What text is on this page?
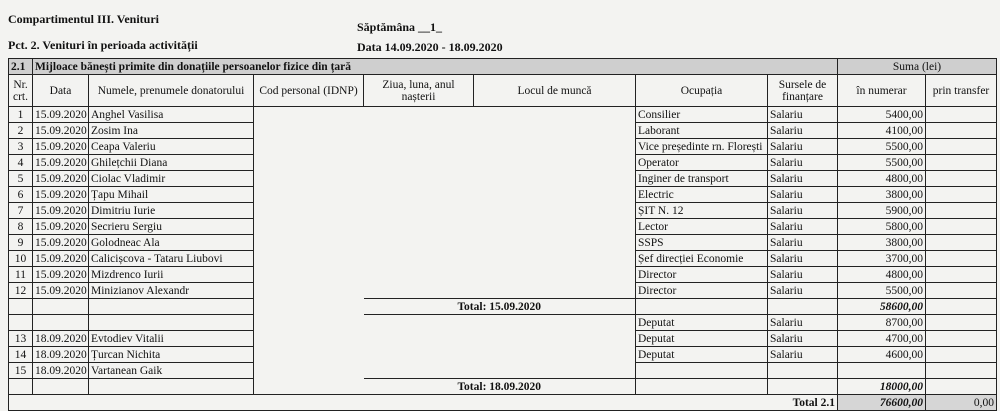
Compartimentul III. Venituri
Pct. 2. Venituri în perioada activității
Săptămâna __1_
Data 14.09.2020 - 18.09.2020
2.1	Mijloace bănești primite din donațiile persoanelor fizice din țară							Suma (lei)	
Nr. crt.	Data	Numele, prenumele donatorului	Cod personal (IDNP)	Ziua, luna, anul nașterii	Locul de muncă	Ocupația	Sursele de finanțare	în numerar	prin transfer
1	15.09.2020	Anghel Vasilisa				Consilier	Salariu	5400,00	
2	15.09.2020	Zosim Ina				Laborant	Salariu	4100,00	
3	15.09.2020	Ceapa Valeriu				Vice președinte rn. Florești	Salariu	5500,00	
4	15.09.2020	Ghilețchii Diana				Operator	Salariu	5500,00	
5	15.09.2020	Ciolac Vladimir				Inginer de transport	Salariu	4800,00	
6	15.09.2020	Țapu Mihail				Electric	Salariu	3800,00	
7	15.09.2020	Dimitriu Iurie				ȘIT N. 12	Salariu	5900,00	
8	15.09.2020	Secrieru Sergiu				Lector	Salariu	5800,00	
9	15.09.2020	Golodneac Ala				SSPS	Salariu	3800,00	
10	15.09.2020	Calicișcova - Tataru Liubovi				Șef direcției Economie	Salariu	3700,00	
11	15.09.2020	Mizdrenco Iurii				Director	Salariu	4800,00	
12	15.09.2020	Minizianov Alexandr				Director	Salariu	5500,00	
				Total: 15.09.2020				58600,00	
						Deputat	Salariu	8700,00	
13	18.09.2020	Evtodiev Vitalii				Deputat	Salariu	4700,00	
14	18.09.2020	Țurcan Nichita				Deputat	Salariu	4600,00	
15	18.09.2020	Vartanean Gaik							
				Total: 18.09.2020				18000,00	
Total 2.1								76600,00	0,00
